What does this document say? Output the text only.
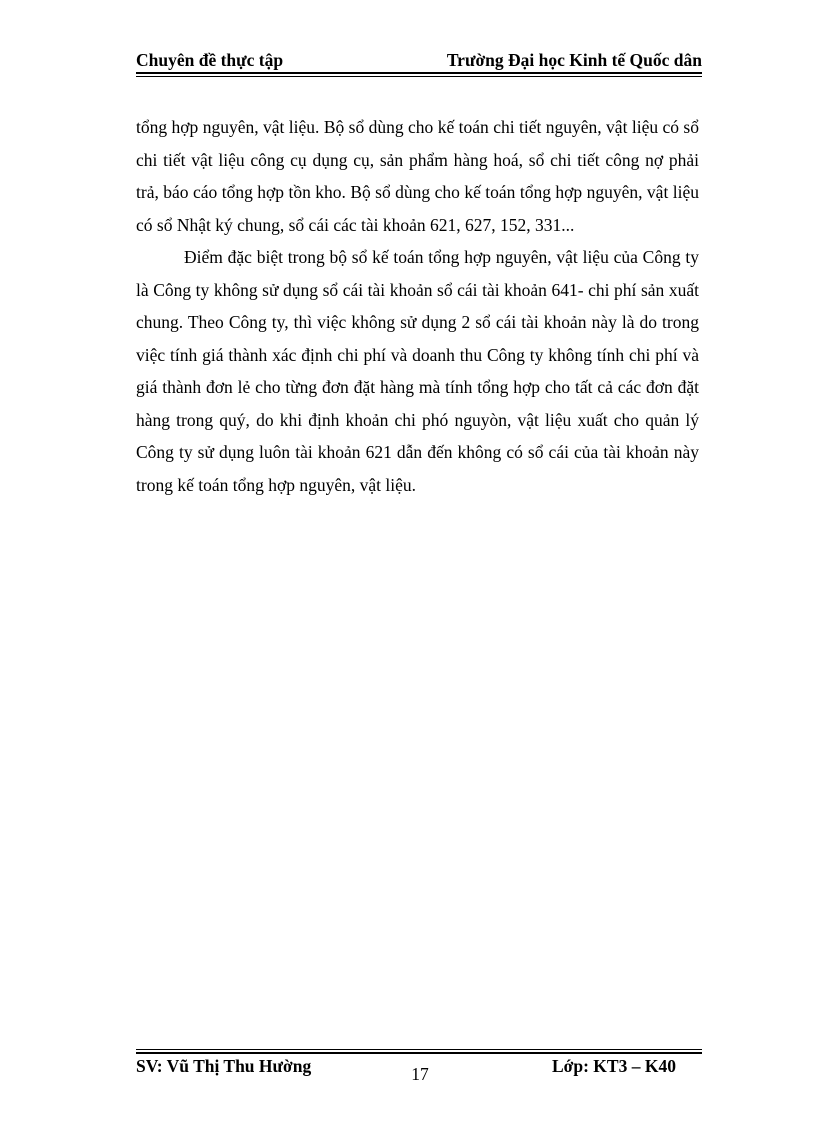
Chuyên đề thực tập	Trường Đại học Kinh tế Quốc dân

tổng hợp nguyên, vật liệu. Bộ sổ dùng cho kế toán chi tiết nguyên, vật liệu có sổ chi tiết vật liệu công cụ dụng cụ, sản phẩm hàng hoá, sổ chi tiết công nợ phải trả, báo cáo tổng hợp tồn kho. Bộ sổ dùng cho kế toán tổng hợp nguyên, vật liệu có sổ Nhật ký chung, sổ cái các tài khoản 621, 627, 152, 331...

Điểm đặc biệt trong bộ sổ kế toán tổng hợp nguyên, vật liệu của Công ty là Công ty không sử dụng sổ cái tài khoản sổ cái tài khoản 641- chi phí sản xuất chung. Theo Công ty, thì việc không sử dụng 2 sổ cái tài khoản này là do trong việc tính giá thành xác định chi phí và doanh thu Công ty không tính chi phí và giá thành đơn lẻ cho từng đơn đặt hàng mà tính tổng hợp cho tất cả các đơn đặt hàng trong quý, do khi định khoản chi phó nguyòn, vật liệu xuất cho quản lý Công ty sử dụng luôn tài khoản 621 dẫn đến không có sổ cái của tài khoản này trong kế toán tổng hợp nguyên, vật liệu.

SV: Vũ Thị Thu Hường	17	Lớp: KT3 – K40
